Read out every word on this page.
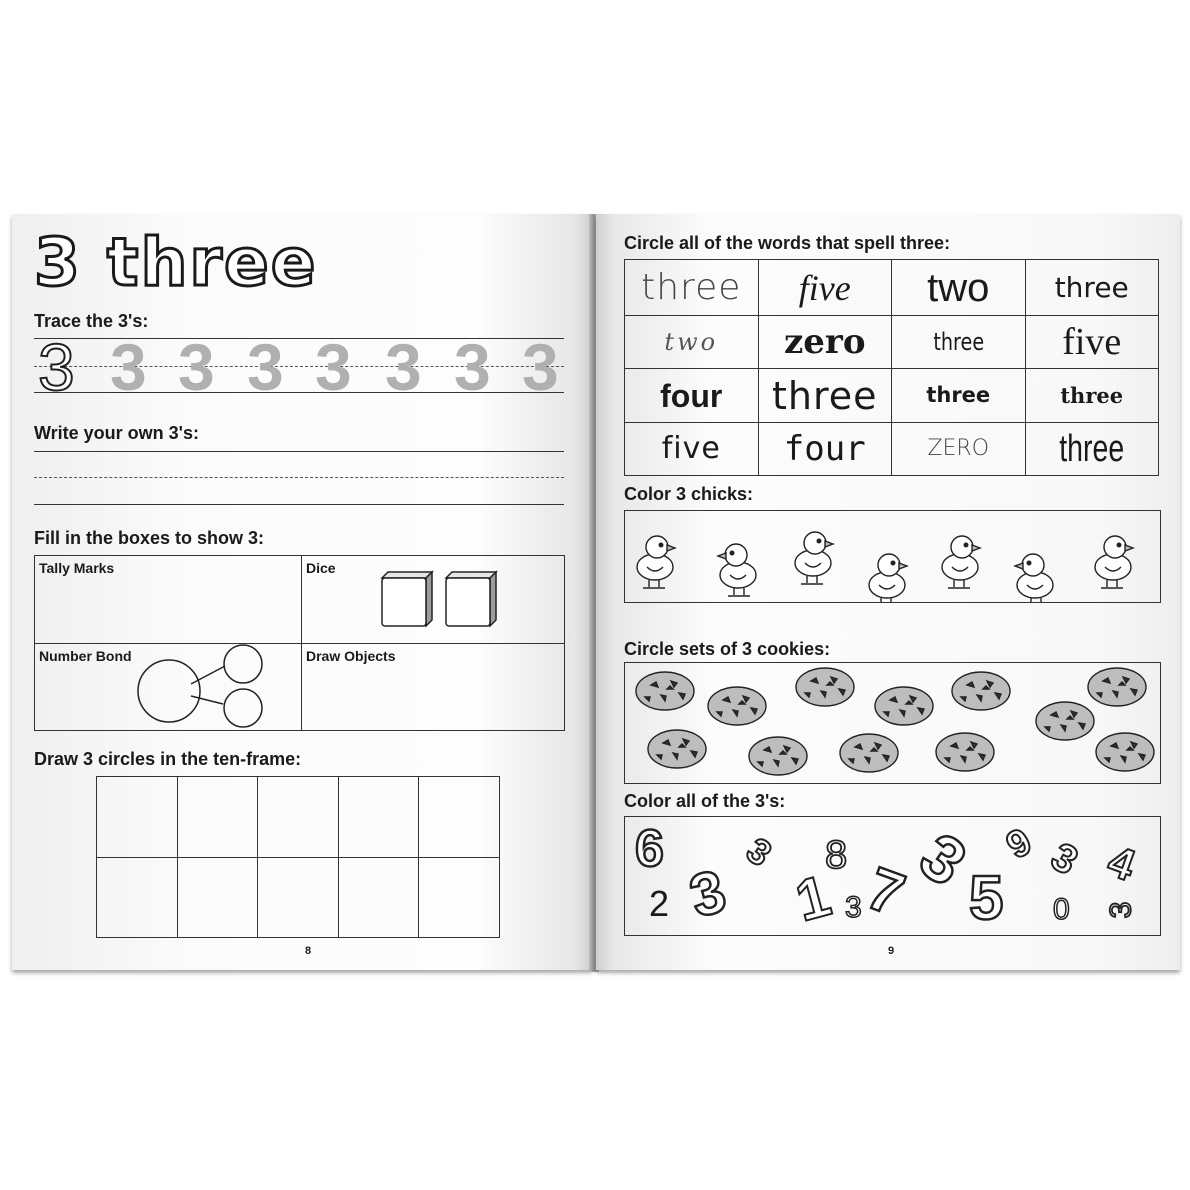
3 three
Trace the 3's:
3 3 3 3 3 3 3 3
Write your own 3's:
Fill in the boxes to show 3:
Tally Marks	Dice

Number Bond	Draw Objects
Draw 3 circles in the ten-frame:

8
Circle all of the words that spell three:
three	five	two	three
two	zero	three	five
four	three	three	three
five	four	ZERO	three
Color 3 chicks:
Circle sets of 3 cookies:
Color all of the 3's:
6
2 3
3
1
8
3
7
3
5
9
0
3 4
3
9
